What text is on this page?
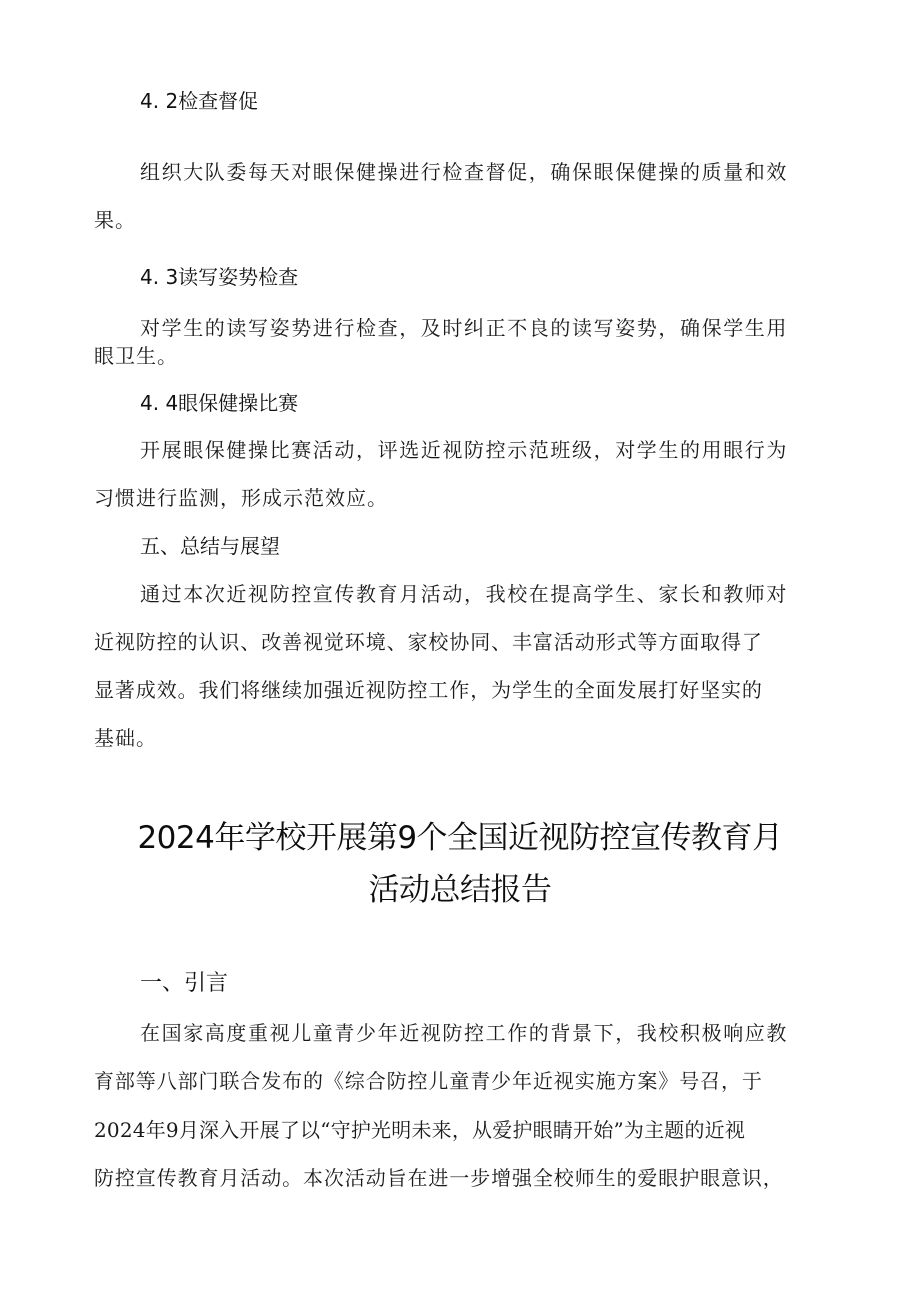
4. 2检查督促
组织大队委每天对眼保健操进行检查督促，确保眼保健操的质量和效
果。
4. 3读写姿势检查
对学生的读写姿势进行检查，及时纠正不良的读写姿势，确保学生用
眼卫生。
4. 4眼保健操比赛
开展眼保健操比赛活动，评选近视防控示范班级，对学生的用眼行为
习惯进行监测，形成示范效应。
五、总结与展望
通过本次近视防控宣传教育月活动，我校在提高学生、家长和教师对
近视防控的认识、改善视觉环境、家校协同、丰富活动形式等方面取得了
显著成效。我们将继续加强近视防控工作，为学生的全面发展打好坚实的
基础。
2024年学校开展第9个全国近视防控宣传教育月
活动总结报告
一、引言
在国家高度重视儿童青少年近视防控工作的背景下，我校积极响应教
育部等八部门联合发布的《综合防控儿童青少年近视实施方案》号召，于
2024年9月深入开展了以“守护光明未来，从爱护眼睛开始”为主题的近视
防控宣传教育月活动。本次活动旨在进一步增强全校师生的爱眼护眼意识，
